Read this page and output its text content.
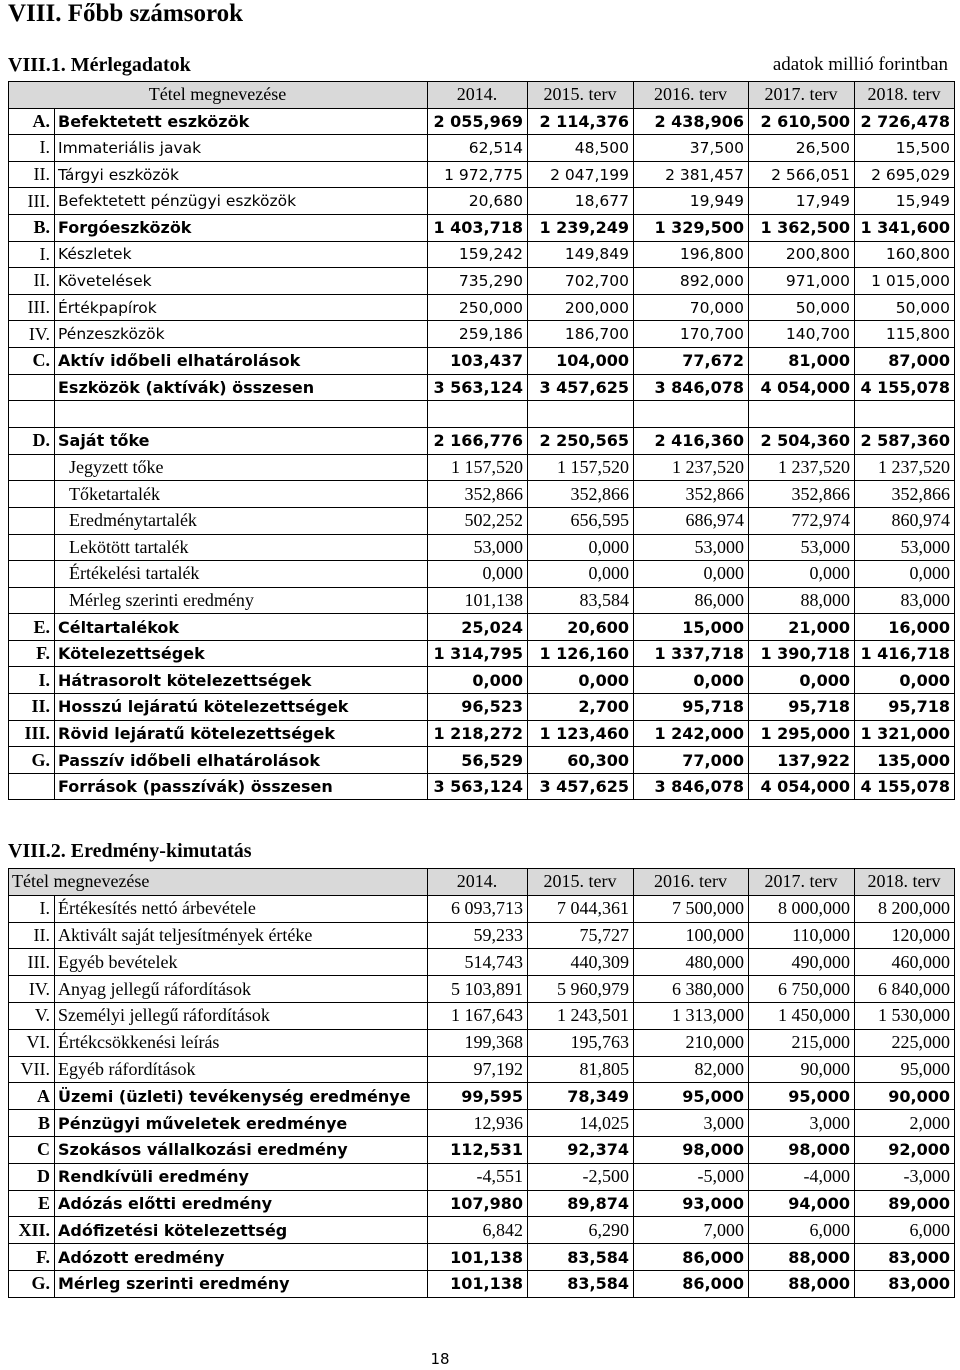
VIII. Főbb számsorok
VIII.1. Mérlegadatok	adatok millió forintban
Tétel megnevezése		2014.	2015. terv	2016. terv	2017. terv	2018. terv
A.	Befektetett eszközök	2 055,969	2 114,376	2 438,906	2 610,500	2 726,478
I.	Immateriális javak	62,514	48,500	37,500	26,500	15,500
II.	Tárgyi eszközök	1 972,775	2 047,199	2 381,457	2 566,051	2 695,029
III.	Befektetett pénzügyi eszközök	20,680	18,677	19,949	17,949	15,949
B.	Forgóeszközök	1 403,718	1 239,249	1 329,500	1 362,500	1 341,600
I.	Készletek	159,242	149,849	196,800	200,800	160,800
II.	Követelések	735,290	702,700	892,000	971,000	1 015,000
III.	Értékpapírok	250,000	200,000	70,000	50,000	50,000
IV.	Pénzeszközök	259,186	186,700	170,700	140,700	115,800
C.	Aktív időbeli elhatárolások	103,437	104,000	77,672	81,000	87,000
	Eszközök (aktívák) összesen	3 563,124	3 457,625	3 846,078	4 054,000	4 155,078

D.	Saját tőke	2 166,776	2 250,565	2 416,360	2 504,360	2 587,360
	Jegyzett tőke	1 157,520	1 157,520	1 237,520	1 237,520	1 237,520
	Tőketartalék	352,866	352,866	352,866	352,866	352,866
	Eredménytartalék	502,252	656,595	686,974	772,974	860,974
	Lekötött tartalék	53,000	0,000	53,000	53,000	53,000
	Értékelési tartalék	0,000	0,000	0,000	0,000	0,000
	Mérleg szerinti eredmény	101,138	83,584	86,000	88,000	83,000
E.	Céltartalékok	25,024	20,600	15,000	21,000	16,000
F.	Kötelezettségek	1 314,795	1 126,160	1 337,718	1 390,718	1 416,718
I.	Hátrasorolt kötelezettségek	0,000	0,000	0,000	0,000	0,000
II.	Hosszú lejáratú kötelezettségek	96,523	2,700	95,718	95,718	95,718
III.	Rövid lejáratű kötelezettségek	1 218,272	1 123,460	1 242,000	1 295,000	1 321,000
G.	Passzív időbeli elhatárolások	56,529	60,300	77,000	137,922	135,000
	Források (passzívák) összesen	3 563,124	3 457,625	3 846,078	4 054,000	4 155,078
VIII.2. Eredmény-kimutatás
Tétel megnevezése		2014.	2015. terv	2016. terv	2017. terv	2018. terv
I.	Értékesítés nettó árbevétele	6 093,713	7 044,361	7 500,000	8 000,000	8 200,000
II.	Aktivált saját teljesítmények értéke	59,233	75,727	100,000	110,000	120,000
III.	Egyéb bevételek	514,743	440,309	480,000	490,000	460,000
IV.	Anyag jellegű ráfordítások	5 103,891	5 960,979	6 380,000	6 750,000	6 840,000
V.	Személyi jellegű ráfordítások	1 167,643	1 243,501	1 313,000	1 450,000	1 530,000
VI.	Értékcsökkenési leírás	199,368	195,763	210,000	215,000	225,000
VII.	Egyéb ráfordítások	97,192	81,805	82,000	90,000	95,000
A	Üzemi (üzleti) tevékenység eredménye	99,595	78,349	95,000	95,000	90,000
B	Pénzügyi műveletek eredménye	12,936	14,025	3,000	3,000	2,000
C	Szokásos vállalkozási eredmény	112,531	92,374	98,000	98,000	92,000
D	Rendkívüli eredmény	-4,551	-2,500	-5,000	-4,000	-3,000
E	Adózás előtti eredmény	107,980	89,874	93,000	94,000	89,000
XII.	Adófizetési kötelezettség	6,842	6,290	7,000	6,000	6,000
F.	Adózott eredmény	101,138	83,584	86,000	88,000	83,000
G.	Mérleg szerinti eredmény	101,138	83,584	86,000	88,000	83,000
18
